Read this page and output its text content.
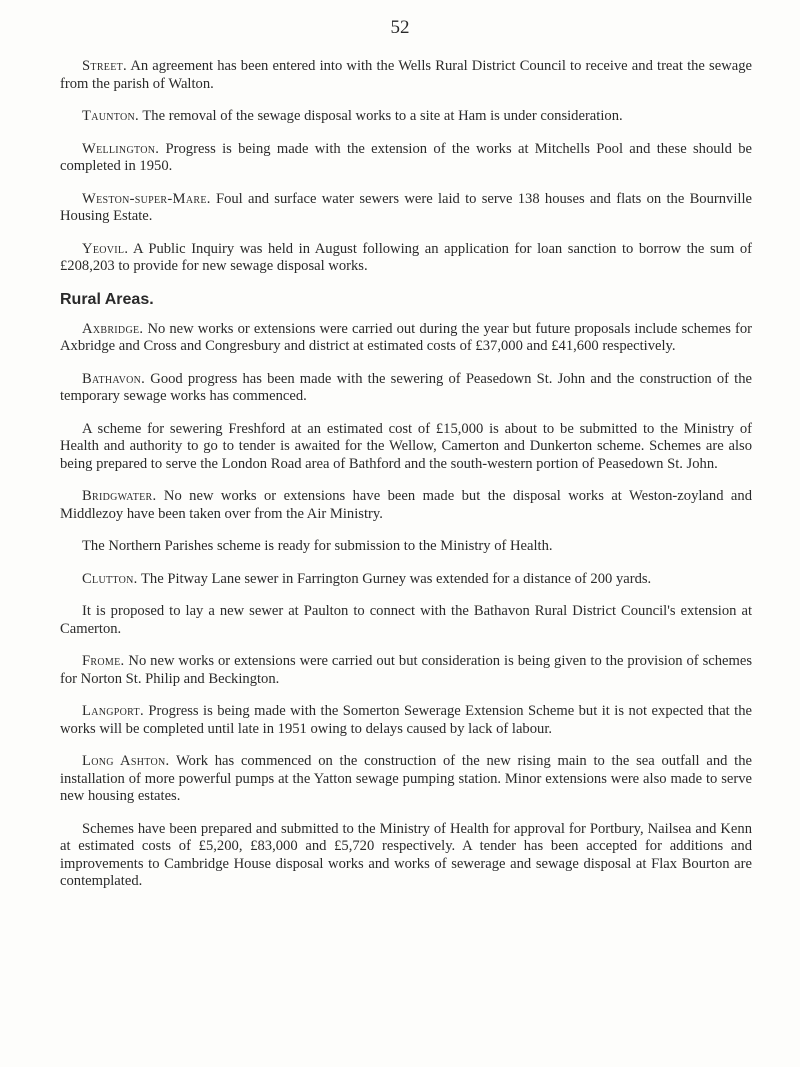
52

Street. An agreement has been entered into with the Wells Rural District Council to receive and treat the sewage from the parish of Walton.

Taunton. The removal of the sewage disposal works to a site at Ham is under consideration.

Wellington. Progress is being made with the extension of the works at Mitchells Pool and these should be completed in 1950.

Weston-super-Mare. Foul and surface water sewers were laid to serve 138 houses and flats on the Bournville Housing Estate.

Yeovil. A Public Inquiry was held in August following an application for loan sanction to borrow the sum of £208,203 to provide for new sewage disposal works.

Rural Areas.

Axbridge. No new works or extensions were carried out during the year but future proposals include schemes for Axbridge and Cross and Congresbury and district at estimated costs of £37,000 and £41,600 respectively.

Bathavon. Good progress has been made with the sewering of Peasedown St. John and the construction of the temporary sewage works has commenced.

A scheme for sewering Freshford at an estimated cost of £15,000 is about to be submitted to the Ministry of Health and authority to go to tender is awaited for the Wellow, Camerton and Dunkerton scheme. Schemes are also being prepared to serve the London Road area of Bathford and the south-western portion of Peasedown St. John.

Bridgwater. No new works or extensions have been made but the disposal works at Weston-zoyland and Middlezoy have been taken over from the Air Ministry.

The Northern Parishes scheme is ready for submission to the Ministry of Health.

Clutton. The Pitway Lane sewer in Farrington Gurney was extended for a distance of 200 yards.

It is proposed to lay a new sewer at Paulton to connect with the Bathavon Rural District Council's extension at Camerton.

Frome. No new works or extensions were carried out but consideration is being given to the provision of schemes for Norton St. Philip and Beckington.

Langport. Progress is being made with the Somerton Sewerage Extension Scheme but it is not expected that the works will be completed until late in 1951 owing to delays caused by lack of labour.

Long Ashton. Work has commenced on the construction of the new rising main to the sea outfall and the installation of more powerful pumps at the Yatton sewage pumping station. Minor extensions were also made to serve new housing estates.

Schemes have been prepared and submitted to the Ministry of Health for approval for Portbury, Nailsea and Kenn at estimated costs of £5,200, £83,000 and £5,720 respectively. A tender has been accepted for additions and improvements to Cambridge House disposal works and works of sewerage and sewage disposal at Flax Bourton are contemplated.
